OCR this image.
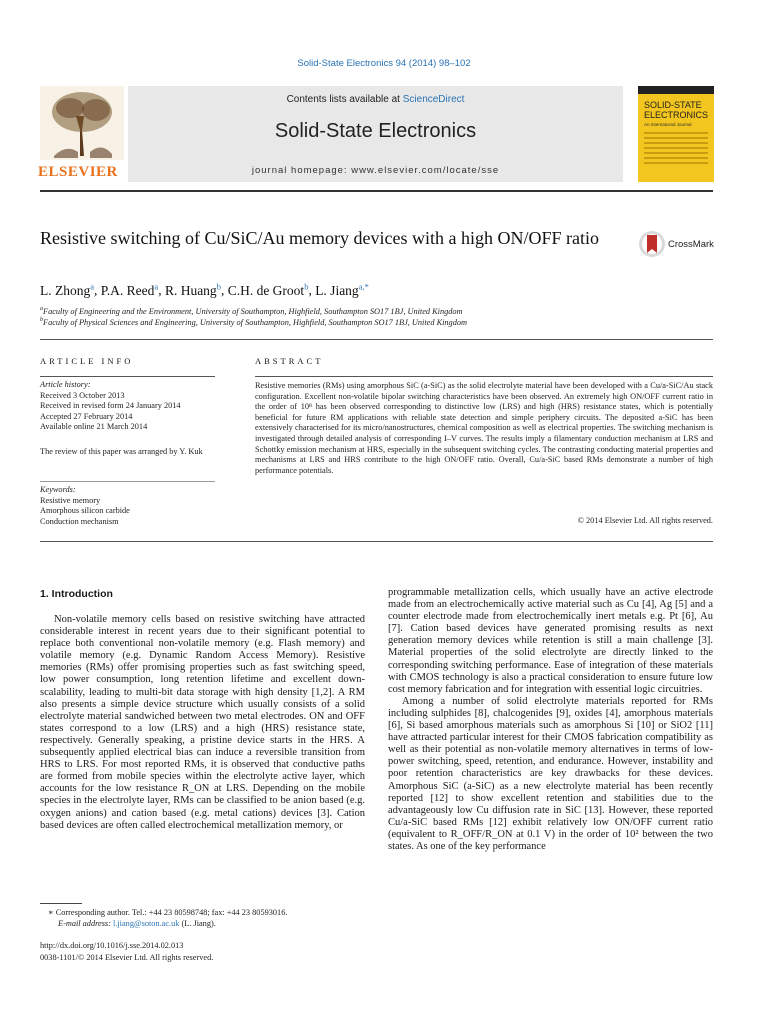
Solid-State Electronics 94 (2014) 98–102
ELSEVIER
Contents lists available at ScienceDirect
Solid-State Electronics
journal homepage: www.elsevier.com/locate/sse
SOLID-STATE
ELECTRONICS
An International Journal
Resistive switching of Cu/SiC/Au memory devices with a high ON/OFF ratio	CrossMark
L. Zhong$^a$, P.A. Reed$^a$, R. Huang$^b$, C.H. de Groot$^b$, L. Jiang$^{a,*}$
$^a$Faculty of Engineering and the Environment, University of Southampton, Highfield, Southampton SO17 1BJ, United Kingdom
$^b$Faculty of Physical Sciences and Engineering, University of Southampton, Highfield, Southampton SO17 1BJ, United Kingdom
ARTICLE INFO
Article history:
Received 3 October 2013
Received in revised form 24 January 2014
Accepted 27 February 2014
Available online 21 March 2014
The review of this paper was arranged by Y. Kuk
Keywords:
Resistive memory
Amorphous silicon carbide
Conduction mechanism
ABSTRACT
Resistive memories (RMs) using amorphous SiC (a-SiC) as the solid electrolyte material have been developed with a Cu/a-SiC/Au stack configuration. Excellent non-volatile bipolar switching characteristics have been observed. An extremely high ON/OFF current ratio in the order of 10⁸ has been observed corresponding to distinctive low (LRS) and high (HRS) resistance states, which is potentially beneficial for future RM applications with reliable state detection and simple periphery circuits. The deposited a-SiC has been extensively characterised for its micro/nanostructures, chemical composition as well as electrical properties. The switching mechanism is investigated through detailed analysis of corresponding I–V curves. The results imply a filamentary conduction mechanism at LRS and Schottky emission mechanism at HRS, especially in the subsequent switching cycles. The contrasting conducting material properties and mechanisms at LRS and HRS contribute to the high ON/OFF ratio. Overall, Cu/a-SiC based RMs demonstrate a number of high performance potentials.
© 2014 Elsevier Ltd. All rights reserved.
1. Introduction

Non-volatile memory cells based on resistive switching have attracted considerable interest in recent years due to their significant potential to replace both conventional non-volatile memory (e.g. Flash memory) and volatile memory (e.g. Dynamic Random Access Memory). Resistive memories (RMs) offer promising properties such as fast switching speed, low power consumption, long retention lifetime and excellent down-scalability, leading to multi-bit data storage with high density [1,2]. A RM also presents a simple device structure which usually consists of a solid electrolyte material sandwiched between two metal electrodes. ON and OFF states correspond to a low (LRS) and a high (HRS) resistance state, respectively. Generally speaking, a pristine device starts in the HRS. A subsequently applied electrical bias can induce a reversible transition from HRS to LRS. For most reported RMs, it is observed that conductive paths are formed from mobile species within the electrolyte active layer, which accounts for the low resistance R_ON at LRS. Depending on the mobile species in the electrolyte layer, RMs can be classified to be anion based (e.g. oxygen anions) and cation based (e.g. metal cations) devices [3]. Cation based devices are often called electrochemical metallization memory, or

programmable metallization cells, which usually have an active electrode made from an electrochemically active material such as Cu [4], Ag [5] and a counter electrode made from electrochemically inert metals e.g. Pt [6], Au [7]. Cation based devices have generated promising results as next generation memory devices while retention is still a main challenge [3]. Material properties of the solid electrolyte are directly linked to the corresponding switching performance. Ease of integration of these materials with CMOS technology is also a practical consideration to ensure future low cost memory fabrication and for integration with essential logic circuitries.

Among a number of solid electrolyte materials reported for RMs including sulphides [8], chalcogenides [9], oxides [4], amorphous materials [6], Si based amorphous materials such as amorphous Si [10] or SiO2 [11] have attracted particular interest for their CMOS fabrication compatibility as well as their potential as non-volatile memory alternatives in terms of low-power switching, speed, retention, and endurance. However, instability and poor retention characteristics are key drawbacks for these devices. Amorphous SiC (a-SiC) as a new electrolyte material has been recently reported [12] to show excellent retention and stabilities due to the advantageously low Cu diffusion rate in SiC [13]. However, these reported Cu/a-SiC based RMs [12] exhibit relatively low ON/OFF current ratio (equivalent to R_OFF/R_ON at 0.1 V) in the order of 10² between the two states. As one of the key performance

∗ Corresponding author. Tel.: +44 23 80598748; fax: +44 23 80593016.
E-mail address: l.jiang@soton.ac.uk (L. Jiang).
http://dx.doi.org/10.1016/j.sse.2014.02.013
0038-1101/© 2014 Elsevier Ltd. All rights reserved.
